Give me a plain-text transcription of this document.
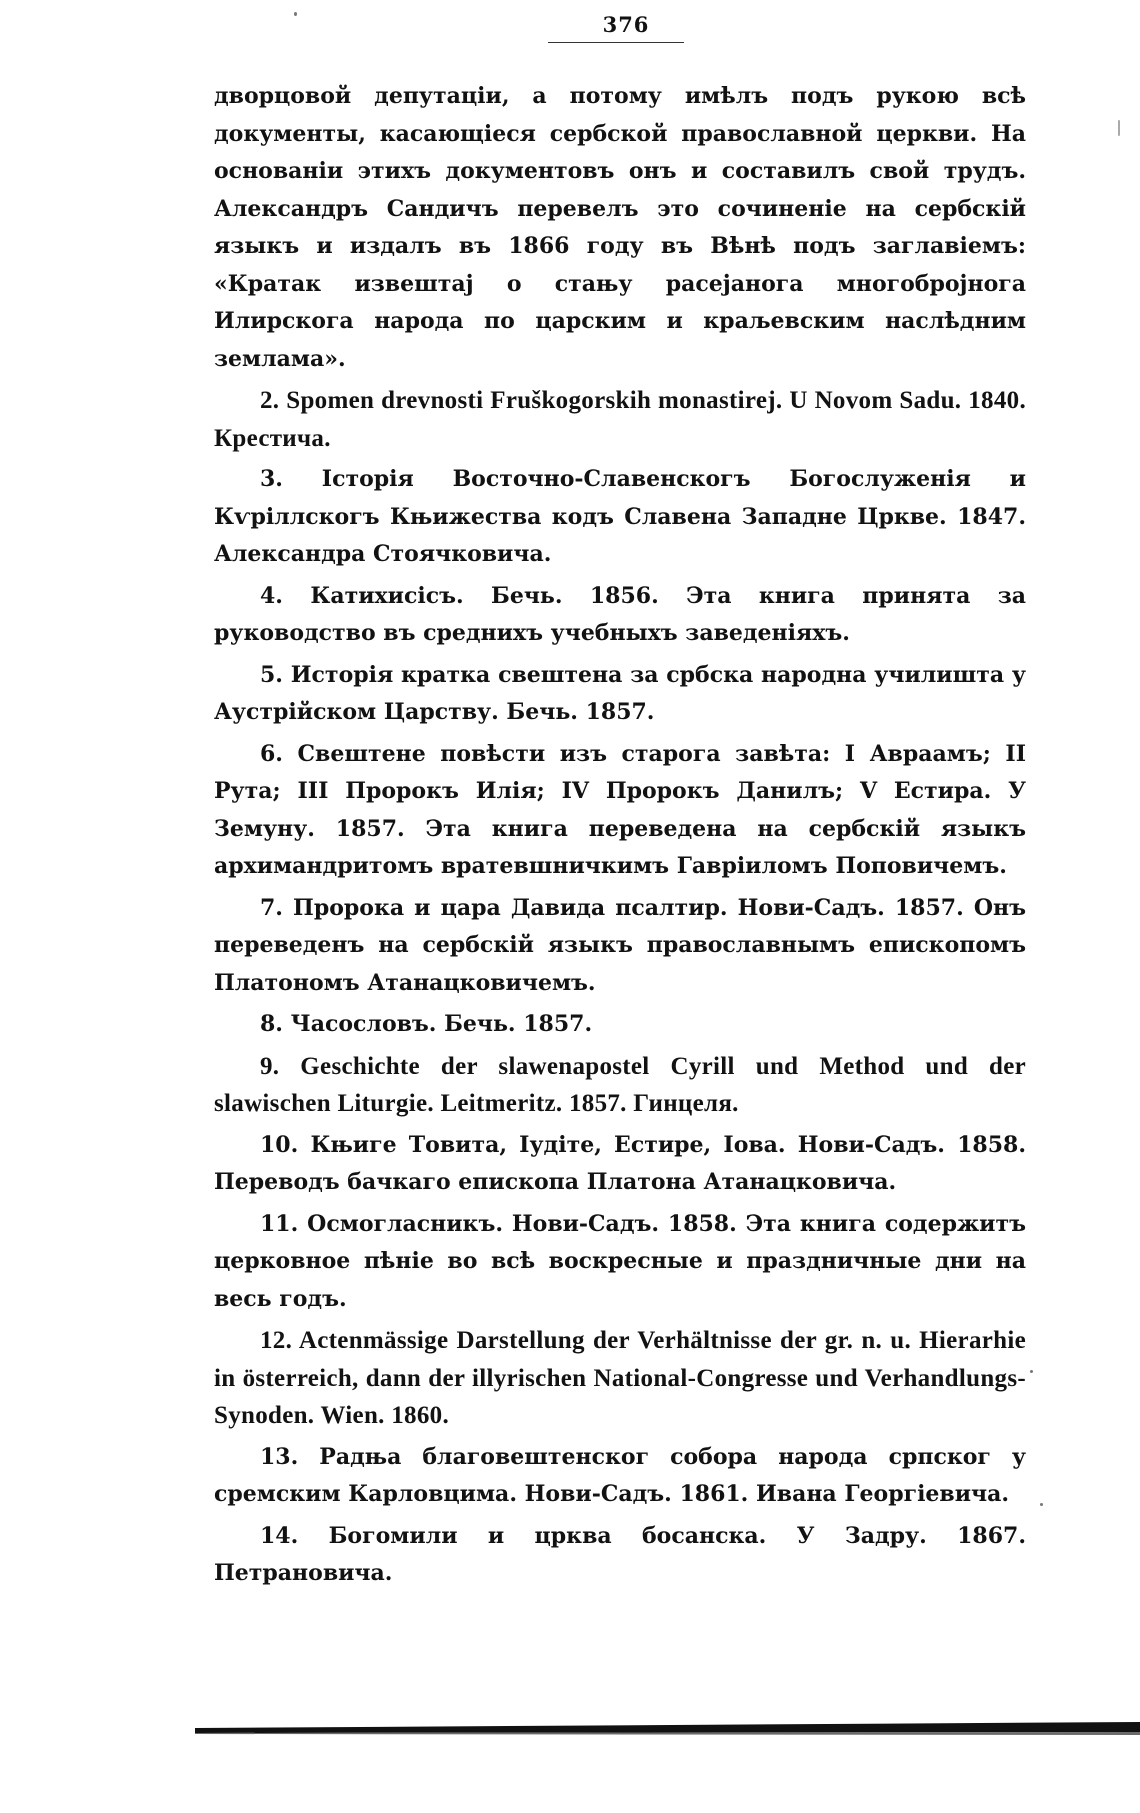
376

дворцовой депутаціи, а потому имѣлъ подъ рукою всѣ документы, касающіеся сербской православной церкви. На основаніи этихъ документовъ онъ и составилъ свой трудъ. Александръ Сандичъ перевелъ это сочиненіе на сербскій языкъ и издалъ въ 1866 году въ Вѣнѣ подъ заглавіемъ: «Кратак извештај о стању расејанога многобројнога Илирскога народа по царским и краљевским наслѣдним землама».

2. Spomen drevnosti Fruškogorskih monastirej. U Novom Sadu. 1840. Крестича.

3. Історія Восточно-Славенскогъ Богослуженія и Кѵріллскогъ Књижества кодъ Славена Западне Цркве. 1847. Александра Стоячковича.

4. Катихисісъ. Бечь. 1856. Эта книга принята за руководство въ среднихъ учебныхъ заведеніяхъ.

5. Исторія кратка свештена за србска народна училишта у Аустрійском Царству. Бечь. 1857.

6. Свештене повѣсти изъ старога завѣта: I Авраамъ; II Рута; III Пророкъ Илія; IV Пророкъ Данилъ; V Естира. У Земуну. 1857. Эта книга переведена на сербскій языкъ архимандритомъ вратевшничкимъ Гавріиломъ Поповичемъ.

7. Пророка и цара Давида псалтир. Нови-Садъ. 1857. Онъ переведенъ на сербскій языкъ православнымъ епископомъ Платономъ Атанацковичемъ.

8. Часословъ. Бечь. 1857.

9. Geschichte der slawenapostel Cyrill und Method und der slawischen Liturgie. Leitmeritz. 1857. Гинцеля.

10. Књиге Товита, Іудіте, Естире, Іова. Нови-Садъ. 1858. Переводъ бачкаго епископа Платона Атанацковича.

11. Осмогласникъ. Нови-Садъ. 1858. Эта книга содержитъ церковное пѣніе во всѣ воскресные и праздничные дни на весь годъ.

12. Actenmässige Darstellung der Verhältnisse der gr. n. u. Hierarhie in österreich, dann der illyrischen National-Congresse und Verhandlungs-Synoden. Wien. 1860.

13. Радња благовештенског собора народа српског у сремским Карловцима. Нови-Садъ. 1861. Ивана Георгіевича.

14. Богомили и црква босанска. У Задру. 1867. Петрановича.
